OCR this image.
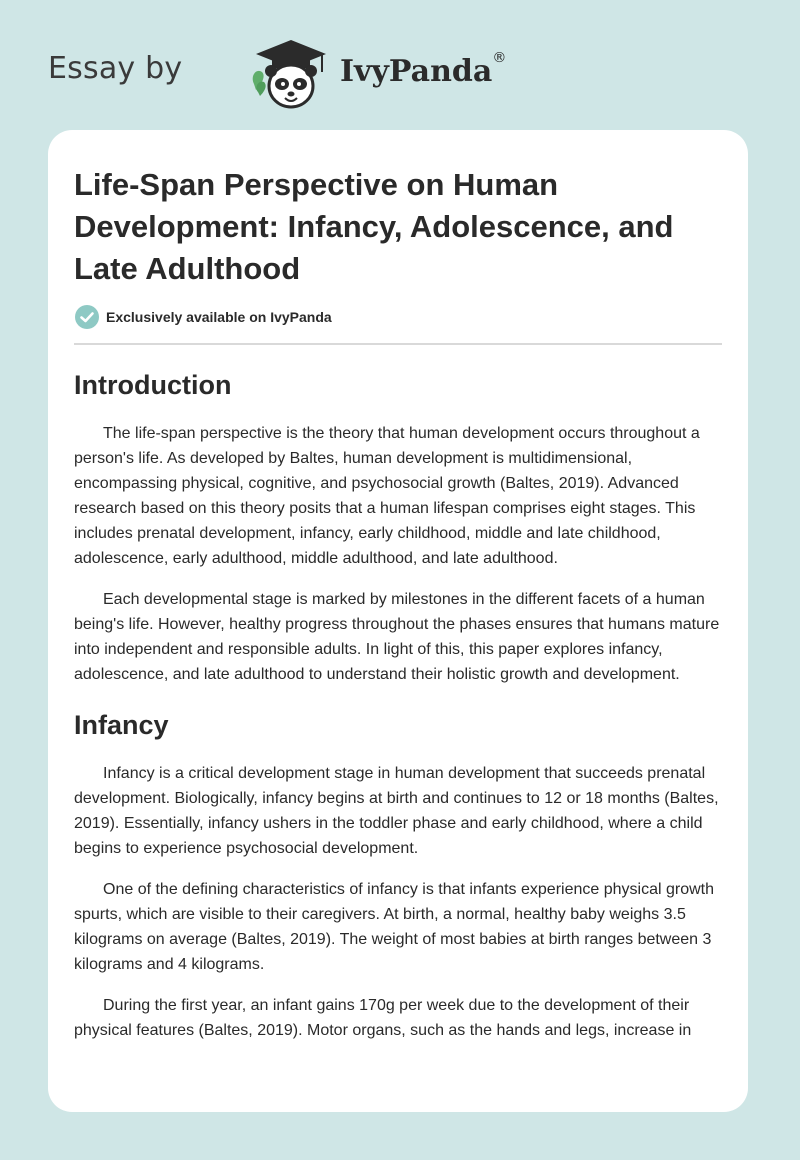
Essay by	IvyPanda®
Life-Span Perspective on Human Development: Infancy, Adolescence, and Late Adulthood
Exclusively available on IvyPanda
Introduction

The life-span perspective is the theory that human development occurs throughout a person's life. As developed by Baltes, human development is multidimensional, encompassing physical, cognitive, and psychosocial growth (Baltes, 2019). Advanced research based on this theory posits that a human lifespan comprises eight stages. This includes prenatal development, infancy, early childhood, middle and late childhood, adolescence, early adulthood, middle adulthood, and late adulthood.

Each developmental stage is marked by milestones in the different facets of a human being's life. However, healthy progress throughout the phases ensures that humans mature into independent and responsible adults. In light of this, this paper explores infancy, adolescence, and late adulthood to understand their holistic growth and development.

Infancy

Infancy is a critical development stage in human development that succeeds prenatal development. Biologically, infancy begins at birth and continues to 12 or 18 months (Baltes, 2019). Essentially, infancy ushers in the toddler phase and early childhood, where a child begins to experience psychosocial development.

One of the defining characteristics of infancy is that infants experience physical growth spurts, which are visible to their caregivers. At birth, a normal, healthy baby weighs 3.5 kilograms on average (Baltes, 2019). The weight of most babies at birth ranges between 3 kilograms and 4 kilograms.

During the first year, an infant gains 170g per week due to the development of their physical features (Baltes, 2019). Motor organs, such as the hands and legs, increase in
